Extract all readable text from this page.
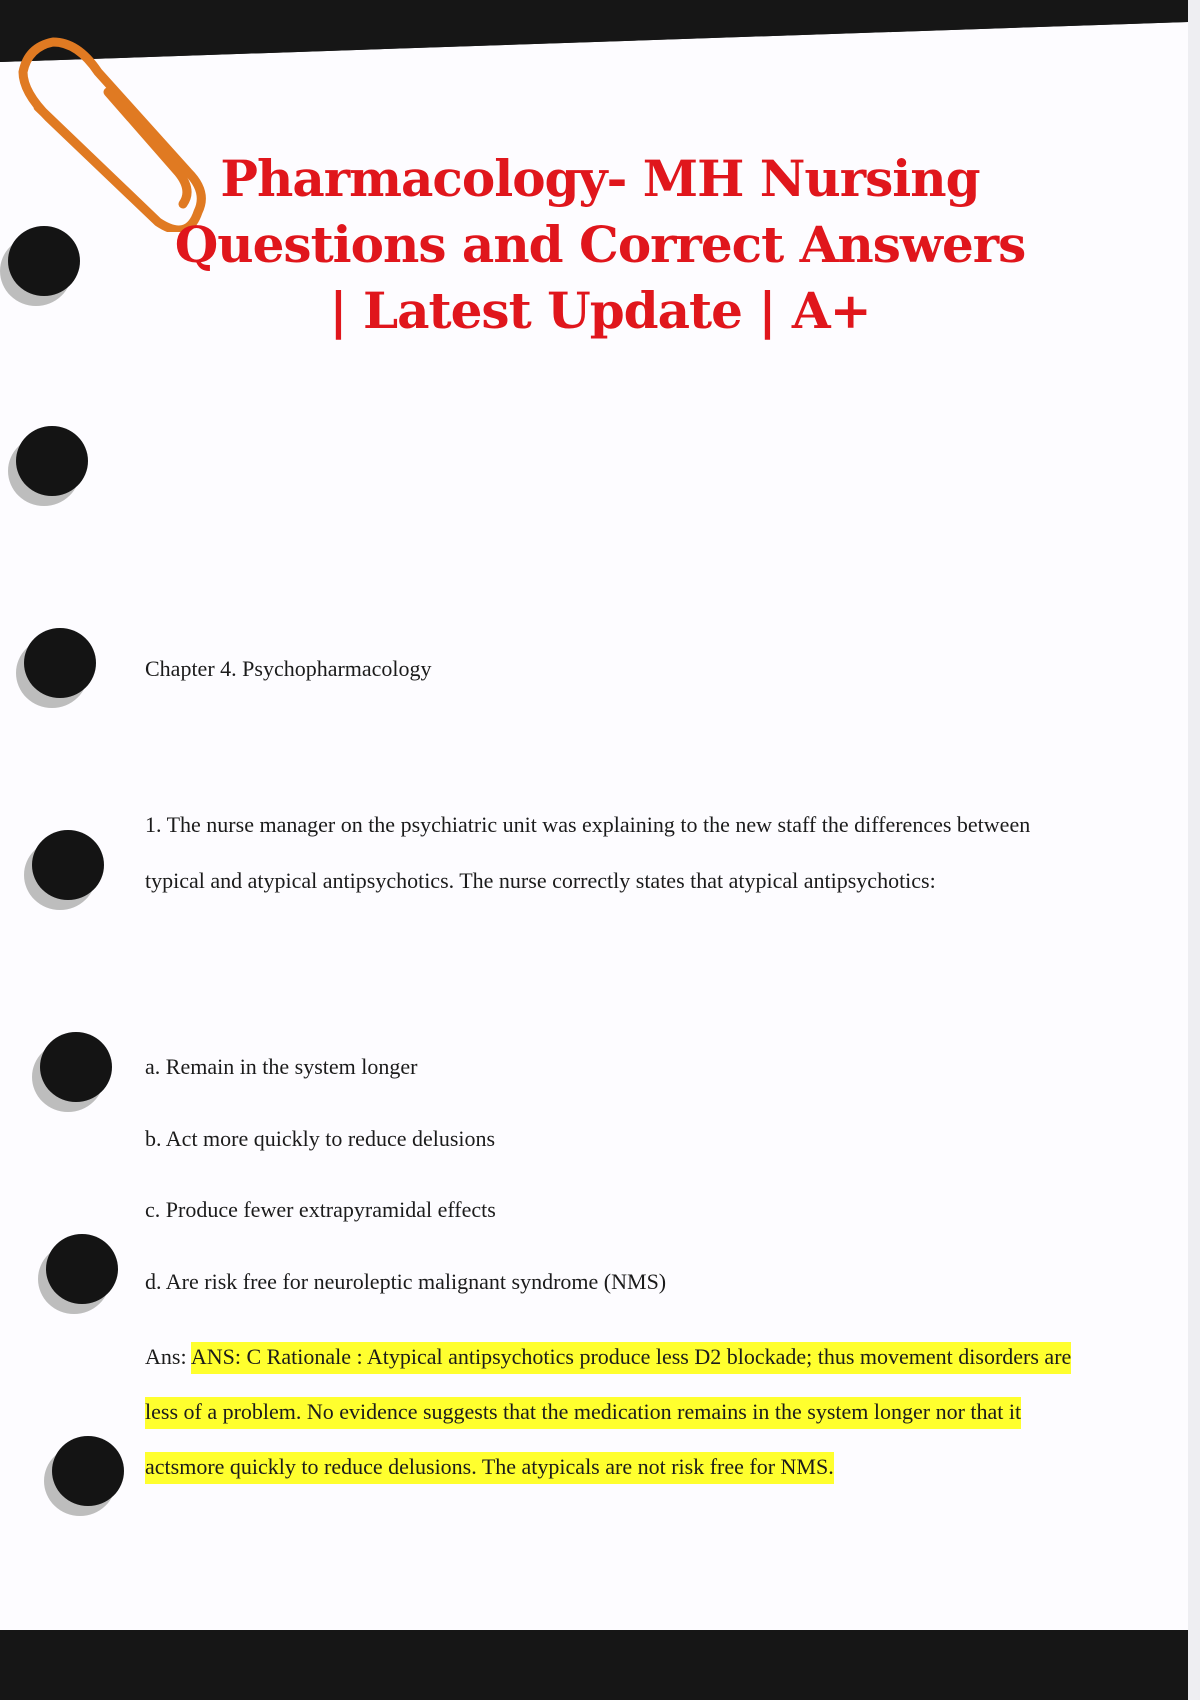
Pharmacology- MH Nursing Questions and Correct Answers | Latest Update | A+

Chapter 4. Psychopharmacology

1. The nurse manager on the psychiatric unit was explaining to the new staff the differences between typical and atypical antipsychotics. The nurse correctly states that atypical antipsychotics:

a. Remain in the system longer

b. Act more quickly to reduce delusions

c. Produce fewer extrapyramidal effects

d. Are risk free for neuroleptic malignant syndrome (NMS)

Ans: ANS: C Rationale : Atypical antipsychotics produce less D2 blockade; thus movement disorders are less of a problem. No evidence suggests that the medication remains in the system longer nor that it actsmore quickly to reduce delusions. The atypicals are not risk free for NMS.
